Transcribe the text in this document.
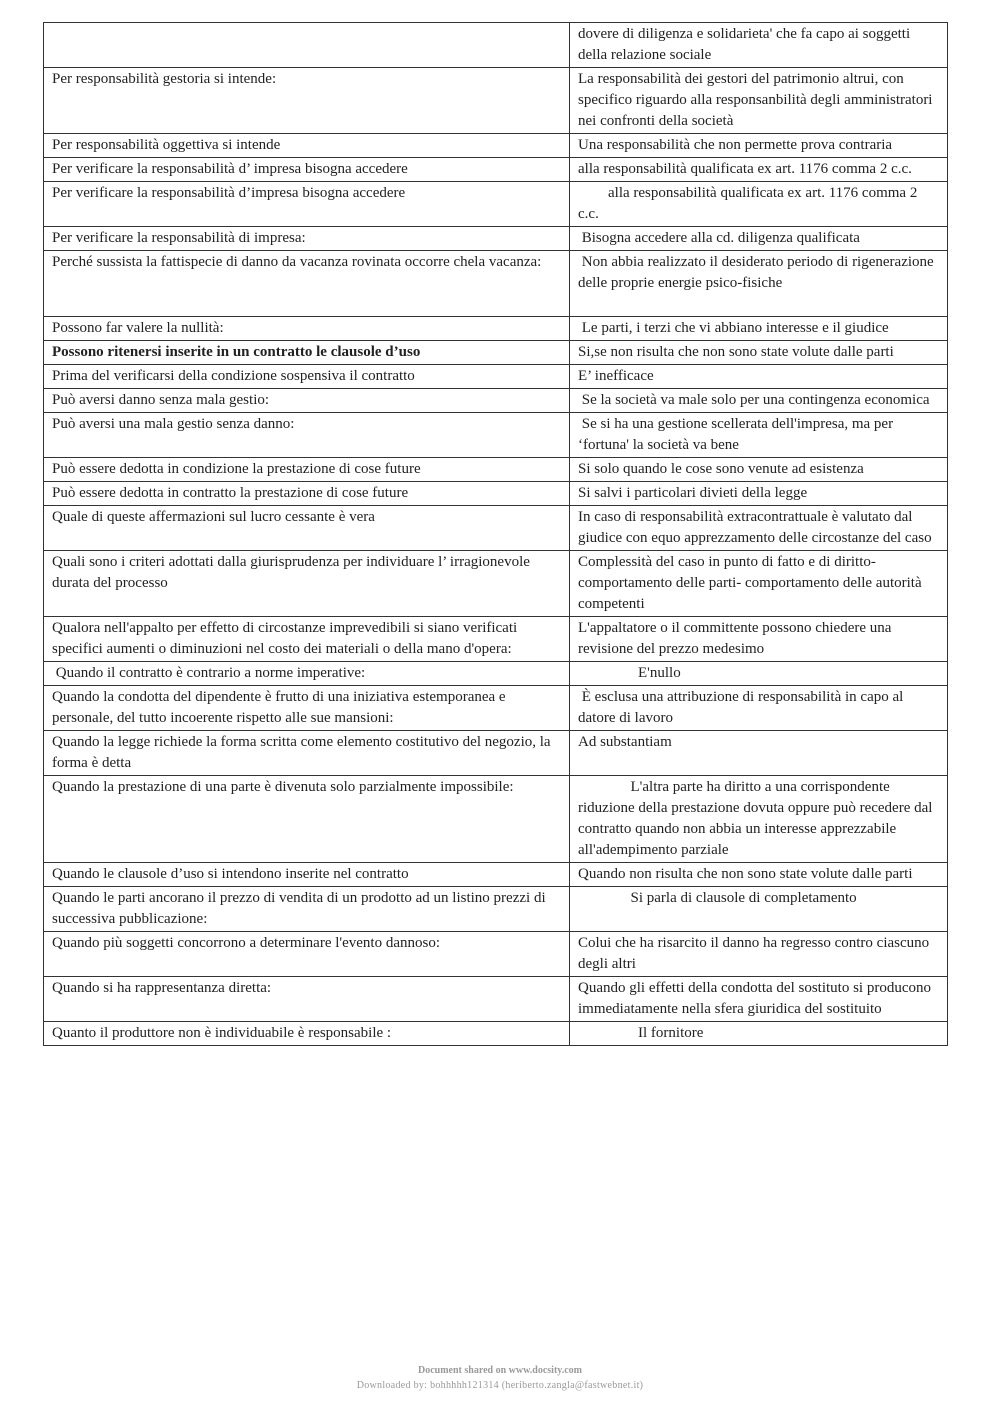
	dovere di diligenza e solidarieta' che fa capo ai soggetti della relazione sociale
Per responsabilità gestoria si intende:	La responsabilità dei gestori del patrimonio altrui, con specifico riguardo alla responsanbilità degli amministratori nei confronti della società
Per responsabilità oggettiva si intende	Una responsabilità che non permette prova contraria
Per verificare la responsabilità d’ impresa bisogna accedere	alla responsabilità qualificata ex art. 1176 comma 2 c.c.
Per verificare la responsabilità d’impresa bisogna accedere	alla responsabilità qualificata ex art. 1176 comma 2 c.c.
Per verificare la responsabilità di impresa:	Bisogna accedere alla cd. diligenza qualificata
Perché sussista la fattispecie di danno da vacanza rovinata occorre chela vacanza:	Non abbia realizzato il desiderato periodo di rigenerazione delle proprie energie psico-fisiche
Possono far valere la nullità:	Le parti, i terzi che vi abbiano interesse e il giudice
Possono ritenersi inserite in un contratto le clausole d’uso	Si,se non risulta che non sono state volute dalle parti
Prima del verificarsi della condizione sospensiva il contratto	E’ inefficace
Può aversi danno senza mala gestio:	Se la società va male solo per una contingenza economica
Può aversi una mala gestio senza danno:	Se si ha una gestione scellerata dell'impresa, ma per ‘fortuna' la società va bene
Può essere dedotta in condizione la prestazione di cose future	Si solo quando le cose sono venute ad esistenza
Può essere dedotta in contratto la prestazione di cose future	Si salvi i particolari divieti della legge
Quale di queste affermazioni sul lucro cessante è vera	In caso di responsabilità extracontrattuale è valutato dal giudice con equo apprezzamento delle circostanze del caso
Quali sono i criteri adottati dalla giurisprudenza per individuare l’ irragionevole durata del processo	Complessità del caso in punto di fatto e di diritto- comportamento delle parti- comportamento delle autorità competenti
Qualora nell'appalto per effetto di circostanze imprevedibili si siano verificati specifici aumenti o diminuzioni nel costo dei materiali o della mano d'opera:	L'appaltatore o il committente possono chiedere una revisione del prezzo medesimo
Quando il contratto è contrario a norme imperative:	E'nullo
Quando la condotta del dipendente è frutto di una iniziativa estemporanea e personale, del tutto incoerente rispetto alle sue mansioni:	È esclusa una attribuzione di responsabilità in capo al datore di lavoro
Quando la legge richiede la forma scritta come elemento costitutivo del negozio, la forma è detta	Ad substantiam
Quando la prestazione di una parte è divenuta solo parzialmente impossibile:	L'altra parte ha diritto a una corrispondente riduzione della prestazione dovuta oppure può recedere dal contratto quando non abbia un interesse apprezzabile all'adempimento parziale
Quando le clausole d’uso si intendono inserite nel contratto	Quando non risulta che non sono state volute dalle parti
Quando le parti ancorano il prezzo di vendita di un prodotto ad un listino prezzi di successiva pubblicazione:	Si parla di clausole di completamento
Quando più soggetti concorrono a determinare l'evento dannoso:	Colui che ha risarcito il danno ha regresso contro ciascuno degli altri
Quando si ha rappresentanza diretta:	Quando gli effetti della condotta del sostituto si producono immediatamente nella sfera giuridica del sostituito
Quanto il produttore non è individuabile è responsabile :	Il fornitore
Document shared on www.docsity.com
Downloaded by: bohhhhh121314 (heriberto.zangla@fastwebnet.it)
